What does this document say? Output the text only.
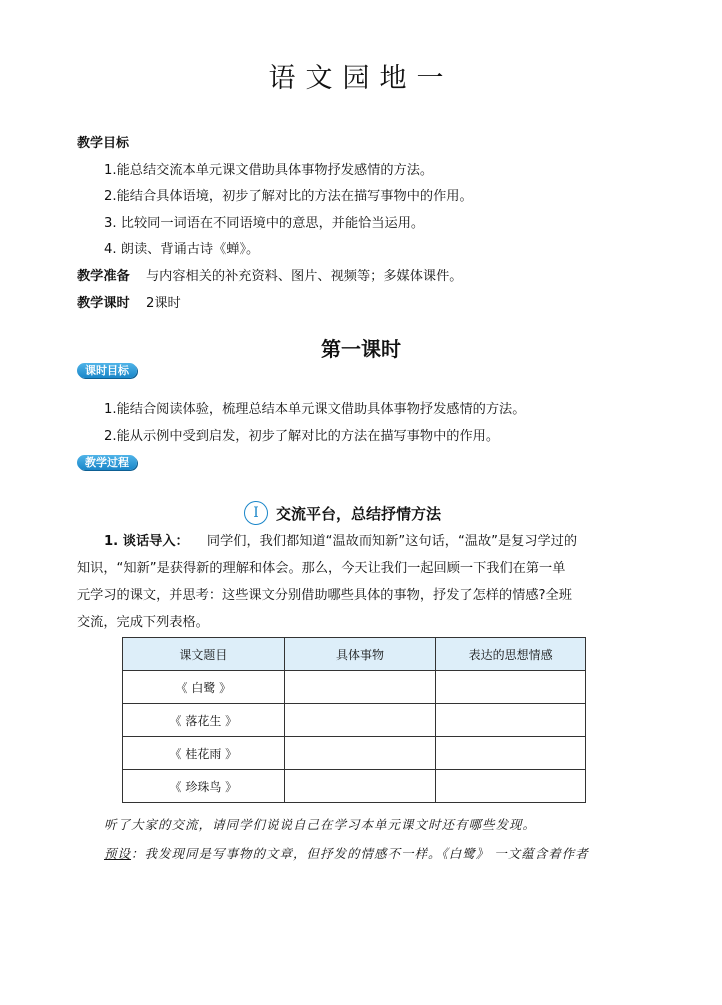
语文园地一
教学目标
1.能总结交流本单元课文借助具体事物抒发感情的方法。
2.能结合具体语境，初步了解对比的方法在描写事物中的作用。
3. 比较同一词语在不同语境中的意思，并能恰当运用。
4. 朗读、背诵古诗《蝉》。
教学准备 与内容相关的补充资料、图片、视频等；多媒体课件。
教学课时 2课时
第一课时
课时目标
1.能结合阅读体验，梳理总结本单元课文借助具体事物抒发感情的方法。
2.能从示例中受到启发，初步了解对比的方法在描写事物中的作用。
教学过程
I	交流平台，总结抒情方法
1. 谈话导入： 同学们，我们都知道“温故而知新”这句话，“温故”是复习学过的
知识，“知新”是获得新的理解和体会。那么，今天让我们一起回顾一下我们在第一单
元学习的课文，并思考：这些课文分别借助哪些具体的事物，抒发了怎样的情感?全班
交流，完成下列表格。
课文题目	具体事物	表达的思想情感
《 白鹭 》		
《 落花生 》		
《 桂花雨 》		
《 珍珠鸟 》		
听了大家的交流，请同学们说说自己在学习本单元课文时还有哪些发现。
预设：我发现同是写事物的文章，但抒发的情感不一样。《白鹭》 一文蕴含着作者
